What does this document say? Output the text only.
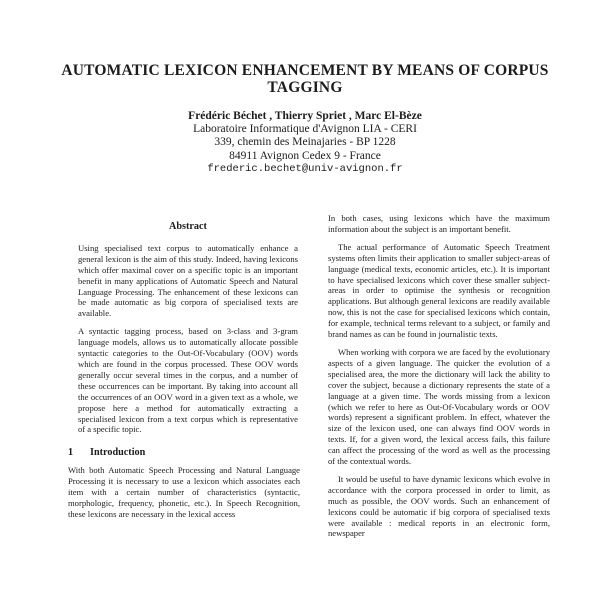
AUTOMATIC LEXICON ENHANCEMENT BY MEANS OF CORPUS TAGGING
Frédéric Béchet , Thierry Spriet , Marc El-Bèze
Laboratoire Informatique d'Avignon LIA - CERI
339, chemin des Meinajaries - BP 1228
84911 Avignon Cedex 9 - France
frederic.bechet@univ-avignon.fr
Abstract

Using specialised text corpus to automatically enhance a general lexicon is the aim of this study. Indeed, having lexicons which offer maximal cover on a specific topic is an important benefit in many applications of Automatic Speech and Natural Language Processing. The enhancement of these lexicons can be made automatic as big corpora of specialised texts are available.

A syntactic tagging process, based on 3-class and 3-gram language models, allows us to automatically allocate possible syntactic categories to the Out-Of-Vocabulary (OOV) words which are found in the corpus processed. These OOV words generally occur several times in the corpus, and a number of these occurrences can be important. By taking into account all the occurrences of an OOV word in a given text as a whole, we propose here a method for automatically extracting a specialised lexicon from a text corpus which is representative of a specific topic.

1 Introduction

With both Automatic Speech Processing and Natural Language Processing it is necessary to use a lexicon which associates each item with a certain number of characteristics (syntactic, morphologic, frequency, phonetic, etc.). In Speech Recognition, these lexicons are necessary in the lexical access

In both cases, using lexicons which have the maximum information about the subject is an important benefit.

The actual performance of Automatic Speech Treatment systems often limits their application to smaller subject-areas of language (medical texts, economic articles, etc.). It is important to have specialised lexicons which cover these smaller subject-areas in order to optimise the synthesis or recognition applications. But although general lexicons are readily available now, this is not the case for specialised lexicons which contain, for example, technical terms relevant to a subject, or family and brand names as can be found in journalistic texts.

When working with corpora we are faced by the evolutionary aspects of a given language. The quicker the evolution of a specialised area, the more the dictionary will lack the ability to cover the subject, because a dictionary represents the state of a language at a given time. The words missing from a lexicon (which we refer to here as Out-Of-Vocabulary words or OOV words) represent a significant problem. In effect, whatever the size of the lexicon used, one can always find OOV words in texts. If, for a given word, the lexical access fails, this failure can affect the processing of the word as well as the processing of the contextual words.

It would be useful to have dynamic lexicons which evolve in accordance with the corpora processed in order to limit, as much as possible, the OOV words. Such an enhancement of lexicons could be automatic if big corpora of specialised texts were available : medical reports in an electronic form, newspaper
